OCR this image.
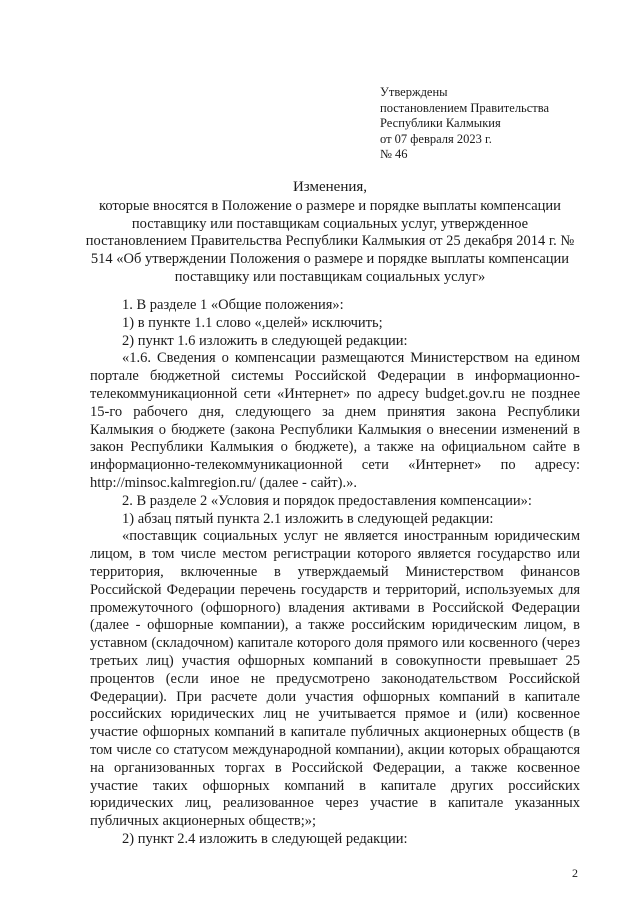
Утверждены
постановлением Правительства
Республики Калмыкия
от 07 февраля 2023 г.
№ 46
Изменения,
которые вносятся в Положение о размере и порядке выплаты компенсации поставщику или поставщикам социальных услуг, утвержденное постановлением Правительства Республики Калмыкия от 25 декабря 2014 г. № 514 «Об утверждении Положения о размере и порядке выплаты компенсации поставщику или поставщикам социальных услуг»

1. В разделе 1 «Общие положения»:

1) в пункте 1.1 слово «,целей» исключить;

2) пункт 1.6 изложить в следующей редакции:

«1.6. Сведения о компенсации размещаются Министерством на едином портале бюджетной системы Российской Федерации в информационно-телекоммуникационной сети «Интернет» по адресу budget.gov.ru не позднее 15-го рабочего дня, следующего за днем принятия закона Республики Калмыкия о бюджете (закона Республики Калмыкия о внесении изменений в закон Республики Калмыкия о бюджете), а также на официальном сайте в информационно-телекоммуникационной сети «Интернет» по адресу: http://minsoc.kalmregion.ru/ (далее - сайт).».

2. В разделе 2 «Условия и порядок предоставления компенсации»:

1) абзац пятый пункта 2.1 изложить в следующей редакции:

«поставщик социальных услуг не является иностранным юридическим лицом, в том числе местом регистрации которого является государство или территория, включенные в утверждаемый Министерством финансов Российской Федерации перечень государств и территорий, используемых для промежуточного (офшорного) владения активами в Российской Федерации (далее - офшорные компании), а также российским юридическим лицом, в уставном (складочном) капитале которого доля прямого или косвенного (через третьих лиц) участия офшорных компаний в совокупности превышает 25 процентов (если иное не предусмотрено законодательством Российской Федерации). При расчете доли участия офшорных компаний в капитале российских юридических лиц не учитывается прямое и (или) косвенное участие офшорных компаний в капитале публичных акционерных обществ (в том числе со статусом международной компании), акции которых обращаются на организованных торгах в Российской Федерации, а также косвенное участие таких офшорных компаний в капитале других российских юридических лиц, реализованное через участие в капитале указанных публичных акционерных обществ;»;

2) пункт 2.4 изложить в следующей редакции:

2
